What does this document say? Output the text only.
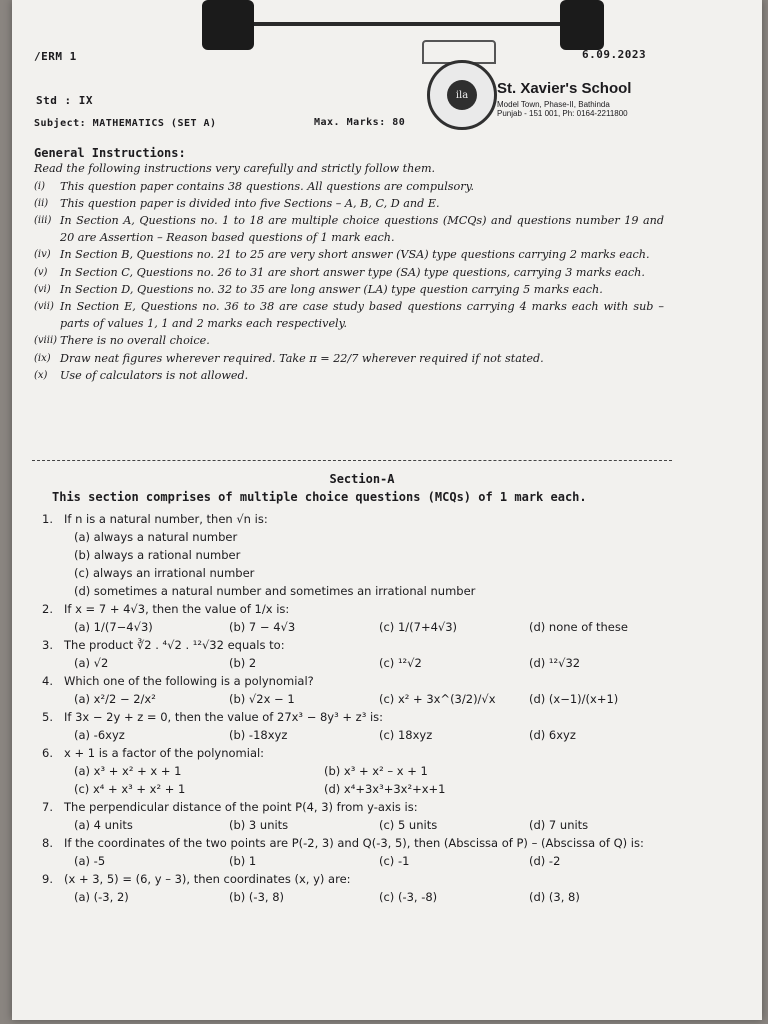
/ERM 1	6.09.2023
Std : IX
Subject: MATHEMATICS (SET A)	Max. Marks: 80
ila	St. Xavier's School
Model Town, Phase-II, Bathinda
Punjab - 151 001, Ph: 0164-2211800
General Instructions:
Read the following instructions very carefully and strictly follow them.
(i)	This question paper contains 38 questions. All questions are compulsory.
(ii)	This question paper is divided into five Sections – A, B, C, D and E.
(iii) In Section A, Questions no. 1 to 18 are multiple choice questions (MCQs) and questions number 19 and 20 are Assertion – Reason based questions of 1 mark each.
(iv) In Section B, Questions no. 21 to 25 are very short answer (VSA) type questions carrying 2 marks each.
(v)	In Section C, Questions no. 26 to 31 are short answer type (SA) type questions, carrying 3 marks each.
(vi) In Section D, Questions no. 32 to 35 are long answer (LA) type question carrying 5 marks each.
(vii) In Section E, Questions no. 36 to 38 are case study based questions carrying 4 marks each with sub – parts of values 1, 1 and 2 marks each respectively.
(viii) There is no overall choice.
(ix) Draw neat figures wherever required. Take π = 22/7 wherever required if not stated.
(x)	Use of calculators is not allowed.
Section-A
This section comprises of multiple choice questions (MCQs) of 1 mark each.
1. If n is a natural number, then √n is:
(a) always a natural number
(b) always a rational number
(c) always an irrational number
(d) sometimes a natural number and sometimes an irrational number
2. If x = 7 + 4√3, then the value of 1/x is:
(a) 1/(7−4√3)	(b) 7 − 4√3	(c) 1/(7+4√3)	(d) none of these
3. The product ∛2 . ⁴√2 . ¹²√32 equals to:
(a) √2	(b) 2	(c) ¹²√2	(d) ¹²√32
4. Which one of the following is a polynomial?
(a) x²/2 − 2/x²	(b) √2x − 1	(c) x² + 3x^(3/2)/√x	(d) (x−1)/(x+1)
5. If 3x − 2y + z = 0, then the value of 27x³ − 8y³ + z³ is:
(a) -6xyz	(b) -18xyz	(c) 18xyz	(d) 6xyz
6. x + 1 is a factor of the polynomial:
(a) x³ + x² + x + 1	(b) x³ + x² – x + 1
(c) x⁴ + x³ + x² + 1	(d) x⁴+3x³+3x²+x+1
7. The perpendicular distance of the point P(4, 3) from y-axis is:
(a) 4 units	(b) 3 units	(c) 5 units	(d) 7 units
8. If the coordinates of the two points are P(-2, 3) and Q(-3, 5), then (Abscissa of P) – (Abscissa of Q) is:
(a) -5	(b) 1	(c) -1	(d) -2
9. (x + 3, 5) = (6, y – 3), then coordinates (x, y) are:
(a) (-3, 2)	(b) (-3, 8)	(c) (-3, -8)	(d) (3, 8)
